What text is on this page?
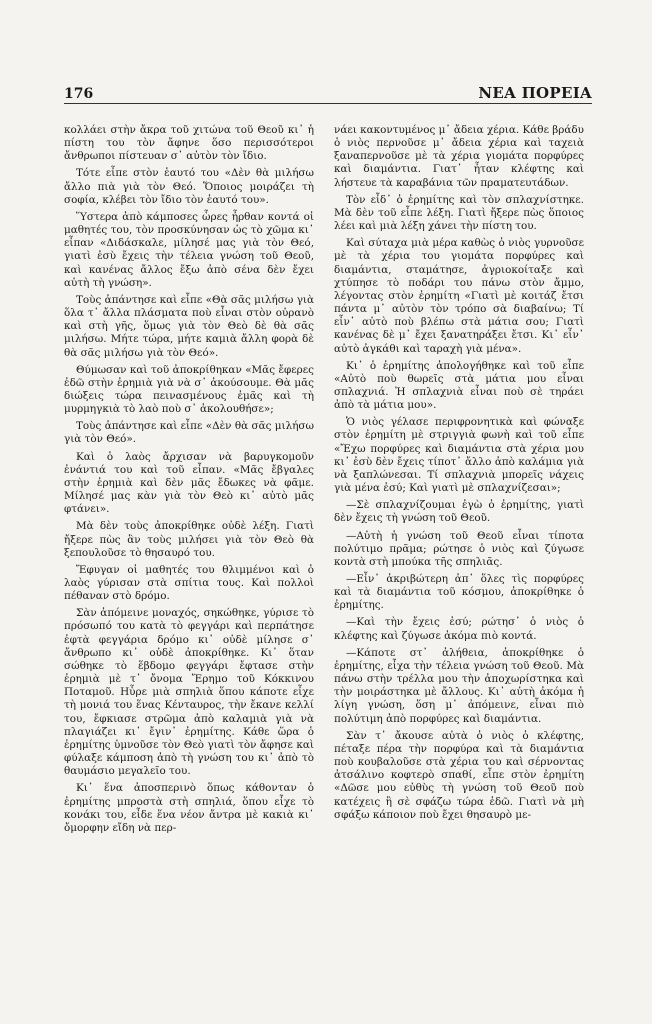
176	ΝΕΑ ΠΟΡΕΙΑ

κολλάει στὴν ἄκρα τοῦ χιτώνα τοῦ Θεοῦ κι᾽ ἡ πίστη του τὸν ἄφηνε ὅσο περισσότεροι ἄνθρωποι πίστευαν σ᾽ αὐτὸν τὸν ἴδιο.

Τότε εἶπε στὸν ἑαυτό του «Δὲν θὰ μιλήσω ἄλλο πιὰ γιὰ τὸν Θεό. Ὅποιος μοιράζει τὴ σοφία, κλέβει τὸν ἴδιο τὸν ἑαυτό του».

Ὕστερα ἀπὸ κάμποσες ὧρες ἦρθαν κοντά οἱ μαθητές του, τὸν προσκύνησαν ὡς τὸ χῶμα κι᾽ εἶπαν «Διδάσκαλε, μίλησέ μας γιὰ τὸν Θεό, γιατὶ ἐσὺ ἔχεις τὴν τέλεια γνώση τοῦ Θεοῦ, καὶ κανένας ἄλλος ἔξω ἀπὸ σένα δὲν ἔχει αὐτὴ τὴ γνώση».

Τοὺς ἀπάντησε καὶ εἶπε «Θὰ σᾶς μιλήσω γιὰ ὅλα τ᾽ ἄλλα πλάσματα ποὺ εἶναι στὸν οὐρανὸ καὶ στὴ γῆς, ὅμως γιὰ τὸν Θεὸ δὲ θὰ σᾶς μιλήσω. Μήτε τώρα, μήτε καμιὰ ἄλλη φορὰ δὲ θὰ σᾶς μιλήσω γιὰ τὸν Θεό».

Θύμωσαν καὶ τοῦ ἀποκρίθηκαν «Μᾶς ἔφερες ἐδῶ στὴν ἐρημιὰ γιὰ νὰ σ᾽ ἀκούσουμε. Θὰ μᾶς διώξεις τώρα πεινασμένους ἐμᾶς καὶ τὴ μυρμηγκιὰ τὸ λαὸ ποὺ σ᾽ ἀκολουθήσε»;

Τοὺς ἀπάντησε καὶ εἶπε «Δὲν θὰ σᾶς μιλήσω γιὰ τὸν Θεό».

Καὶ ὁ λαὸς ἄρχισαν νὰ βαρυγκομοῦν ἐνάντιά του καὶ τοῦ εἶπαν. «Μᾶς ἔβγαλες στὴν ἐρημιὰ καὶ δὲν μᾶς ἔδωκες νὰ φᾶμε. Μίλησέ μας κὰν γιὰ τὸν Θεὸ κι᾽ αὐτὸ μᾶς φτάνει».

Μὰ δὲν τοὺς ἀποκρίθηκε οὐδὲ λέξη. Γιατὶ ἤξερε πὼς ἂν τοὺς μιλήσει γιὰ τὸν Θεὸ θὰ ξεπουλοῦσε τὸ θησαυρό του.

Ἔφυγαν οἱ μαθητές του θλιμμένοι καὶ ὁ λαὸς γύρισαν στὰ σπίτια τους. Καὶ πολλοὶ πέθαναν στὸ δρόμο.

Σὰν ἀπόμεινε μοναχός, σηκώθηκε, γύρισε τὸ πρόσωπό του κατὰ τὸ φεγγάρι καὶ περπάτησε ἐφτὰ φεγγάρια δρόμο κι᾽ οὐδὲ μίλησε σ᾽ ἄνθρωπο κι᾽ οὐδὲ ἀποκρίθηκε. Κι᾽ ὅταν σώθηκε τὸ ἕβδομο φεγγάρι ἔφτασε στὴν ἐρημιὰ μὲ τ᾽ ὄνομα Ἔρημο τοῦ Κόκκινου Ποταμοῦ. Ηὗρε μιὰ σπηλιὰ ὅπου κάποτε εἶχε τὴ μονιά του ἕνας Κένταυρος, τὴν ἔκανε κελλί του, ἔφκιασε στρῶμα ἀπὸ καλαμιὰ γιὰ νὰ πλαγιάζει κι᾽ ἔγιν᾽ ἐρημίτης. Κάθε ὥρα ὁ ἐρημίτης ὑμνοῦσε τὸν Θεὸ γιατὶ τὸν ἄφησε καὶ φύλαξε κάμποση ἀπὸ τὴ γνώση του κι᾽ ἀπὸ τὸ θαυμάσιο μεγαλεῖο του.

Κι᾽ ἕνα ἀποσπερινὸ ὅπως κάθονταν ὁ ἐρημίτης μπροστὰ στὴ σπηλιά, ὅπου εἶχε τὸ κονάκι του, εἶδε ἕνα νέον ἄντρα μὲ κακιὰ κι᾽ ὄμορφην εἴδη νὰ περ-

νάει κακοντυμένος μ᾽ ἄδεια χέρια. Κάθε βράδυ ὁ νιὸς περνοῦσε μ᾽ ἄδεια χέρια καὶ ταχειὰ ξαναπερνοῦσε μὲ τὰ χέρια γιομάτα πορφύρες καὶ διαμάντια. Γιατ᾽ ἦταν κλέφτης καὶ λήστευε τὰ καραβάνια τῶν πραματευτάδων.

Τὸν εἶδ᾽ ὁ ἐρημίτης καὶ τὸν σπλαχνίστηκε. Μὰ δὲν τοῦ εἶπε λέξη. Γιατὶ ἤξερε πὼς ὅποιος λέει καὶ μιὰ λέξη χάνει τὴν πίστη του.

Καὶ σύταχα μιὰ μέρα καθὼς ὁ νιὸς γυρνοῦσε μὲ τὰ χέρια του γιομάτα πορφύρες καὶ διαμάντια, σταμάτησε, ἀγριοκοίταξε καὶ χτύπησε τὸ ποδάρι του πάνω στὸν ἄμμο, λέγοντας στὸν ἐρημίτη «Γιατὶ μὲ κοιτάζ ἔτσι πάντα μ᾽ αὐτὸν τὸν τρόπο σὰ διαβαίνω; Τί εἶν᾽ αὐτὸ ποὺ βλέπω στὰ μάτια σου; Γιατὶ κανένας δὲ μ᾽ ἔχει ξανατηράξει ἔτσι. Κι᾽ εἶν᾽ αὐτὸ ἀγκάθι καὶ ταραχὴ γιὰ μένα».

Κι᾽ ὁ ἐρημίτης ἀπολογήθηκε καὶ τοῦ εἶπε «Αὐτὸ ποὺ θωρεῖς στὰ μάτια μου εἶναι σπλαχνιά. Ἡ σπλαχνιὰ εἶναι ποὺ σὲ τηράει ἀπὸ τὰ μάτια μου».

Ὁ νιὸς γέλασε περιφρονητικὰ καὶ φώναξε στὸν ἐρημίτη μὲ στριγγιὰ φωνὴ καὶ τοῦ εἶπε «Ἔχω πορφύρες καὶ διαμάντια στὰ χέρια μου κι᾽ ἐσὺ δὲν ἔχεις τίποτ᾽ ἄλλο ἀπὸ καλάμια γιὰ νὰ ξαπλώνεσαι. Τί σπλαχνιὰ μπορεῖς νάχεις γιὰ μένα ἐσύ; Καὶ γιατὶ μὲ σπλαχνίζεσαι»;

—Σὲ σπλαχνίζουμαι ἐγὼ ὁ ἐρημίτης, γιατὶ δὲν ἔχεις τὴ γνώση τοῦ Θεοῦ.

—Αὐτὴ ἡ γνώση τοῦ Θεοῦ εἶναι τίποτα πολύτιμο πρᾶμα; ρώτησε ὁ νιὸς καὶ ζύγωσε κοντὰ στὴ μπούκα τῆς σπηλιᾶς.

—Εἶν᾽ ἀκριβώτερη ἀπ᾽ ὅλες τὶς πορφύρες καὶ τὰ διαμάντια τοῦ κόσμου, ἀποκρίθηκε ὁ ἐρημίτης.

—Καὶ τὴν ἔχεις ἐσύ; ρώτησ᾽ ὁ νιὸς ὁ κλέφτης καὶ ζύγωσε ἀκόμα πιὸ κοντά.

—Κάποτε στ᾽ ἀλήθεια, ἀποκρίθηκε ὁ ἐρημίτης, εἶχα τὴν τέλεια γνώση τοῦ Θεοῦ. Μὰ πάνω στὴν τρέλλα μου τὴν ἀποχωρίστηκα καὶ τὴν μοιράστηκα μὲ ἄλλους. Κι᾽ αὐτὴ ἀκόμα ἡ λίγη γνώση, ὅση μ᾽ ἀπόμεινε, εἶναι πιὸ πολύτιμη ἀπὸ πορφύρες καὶ διαμάντια.

Σὰν τ᾽ ἄκουσε αὐτὰ ὁ νιὸς ὁ κλέφτης, πέταξε πέρα τὴν πορφύρα καὶ τὰ διαμάντια ποὺ κουβαλοῦσε στὰ χέρια του καὶ σέρνοντας ἀτσάλινο κοφτερὸ σπαθί, εἶπε στὸν ἐρημίτη «Δῶσε μου εὐθὺς τὴ γνώση τοῦ Θεοῦ ποὺ κατέχεις ἢ σὲ σφάζω τώρα ἐδῶ. Γιατὶ νὰ μὴ σφάξω κάποιον ποὺ ἔχει θησαυρὸ με-
